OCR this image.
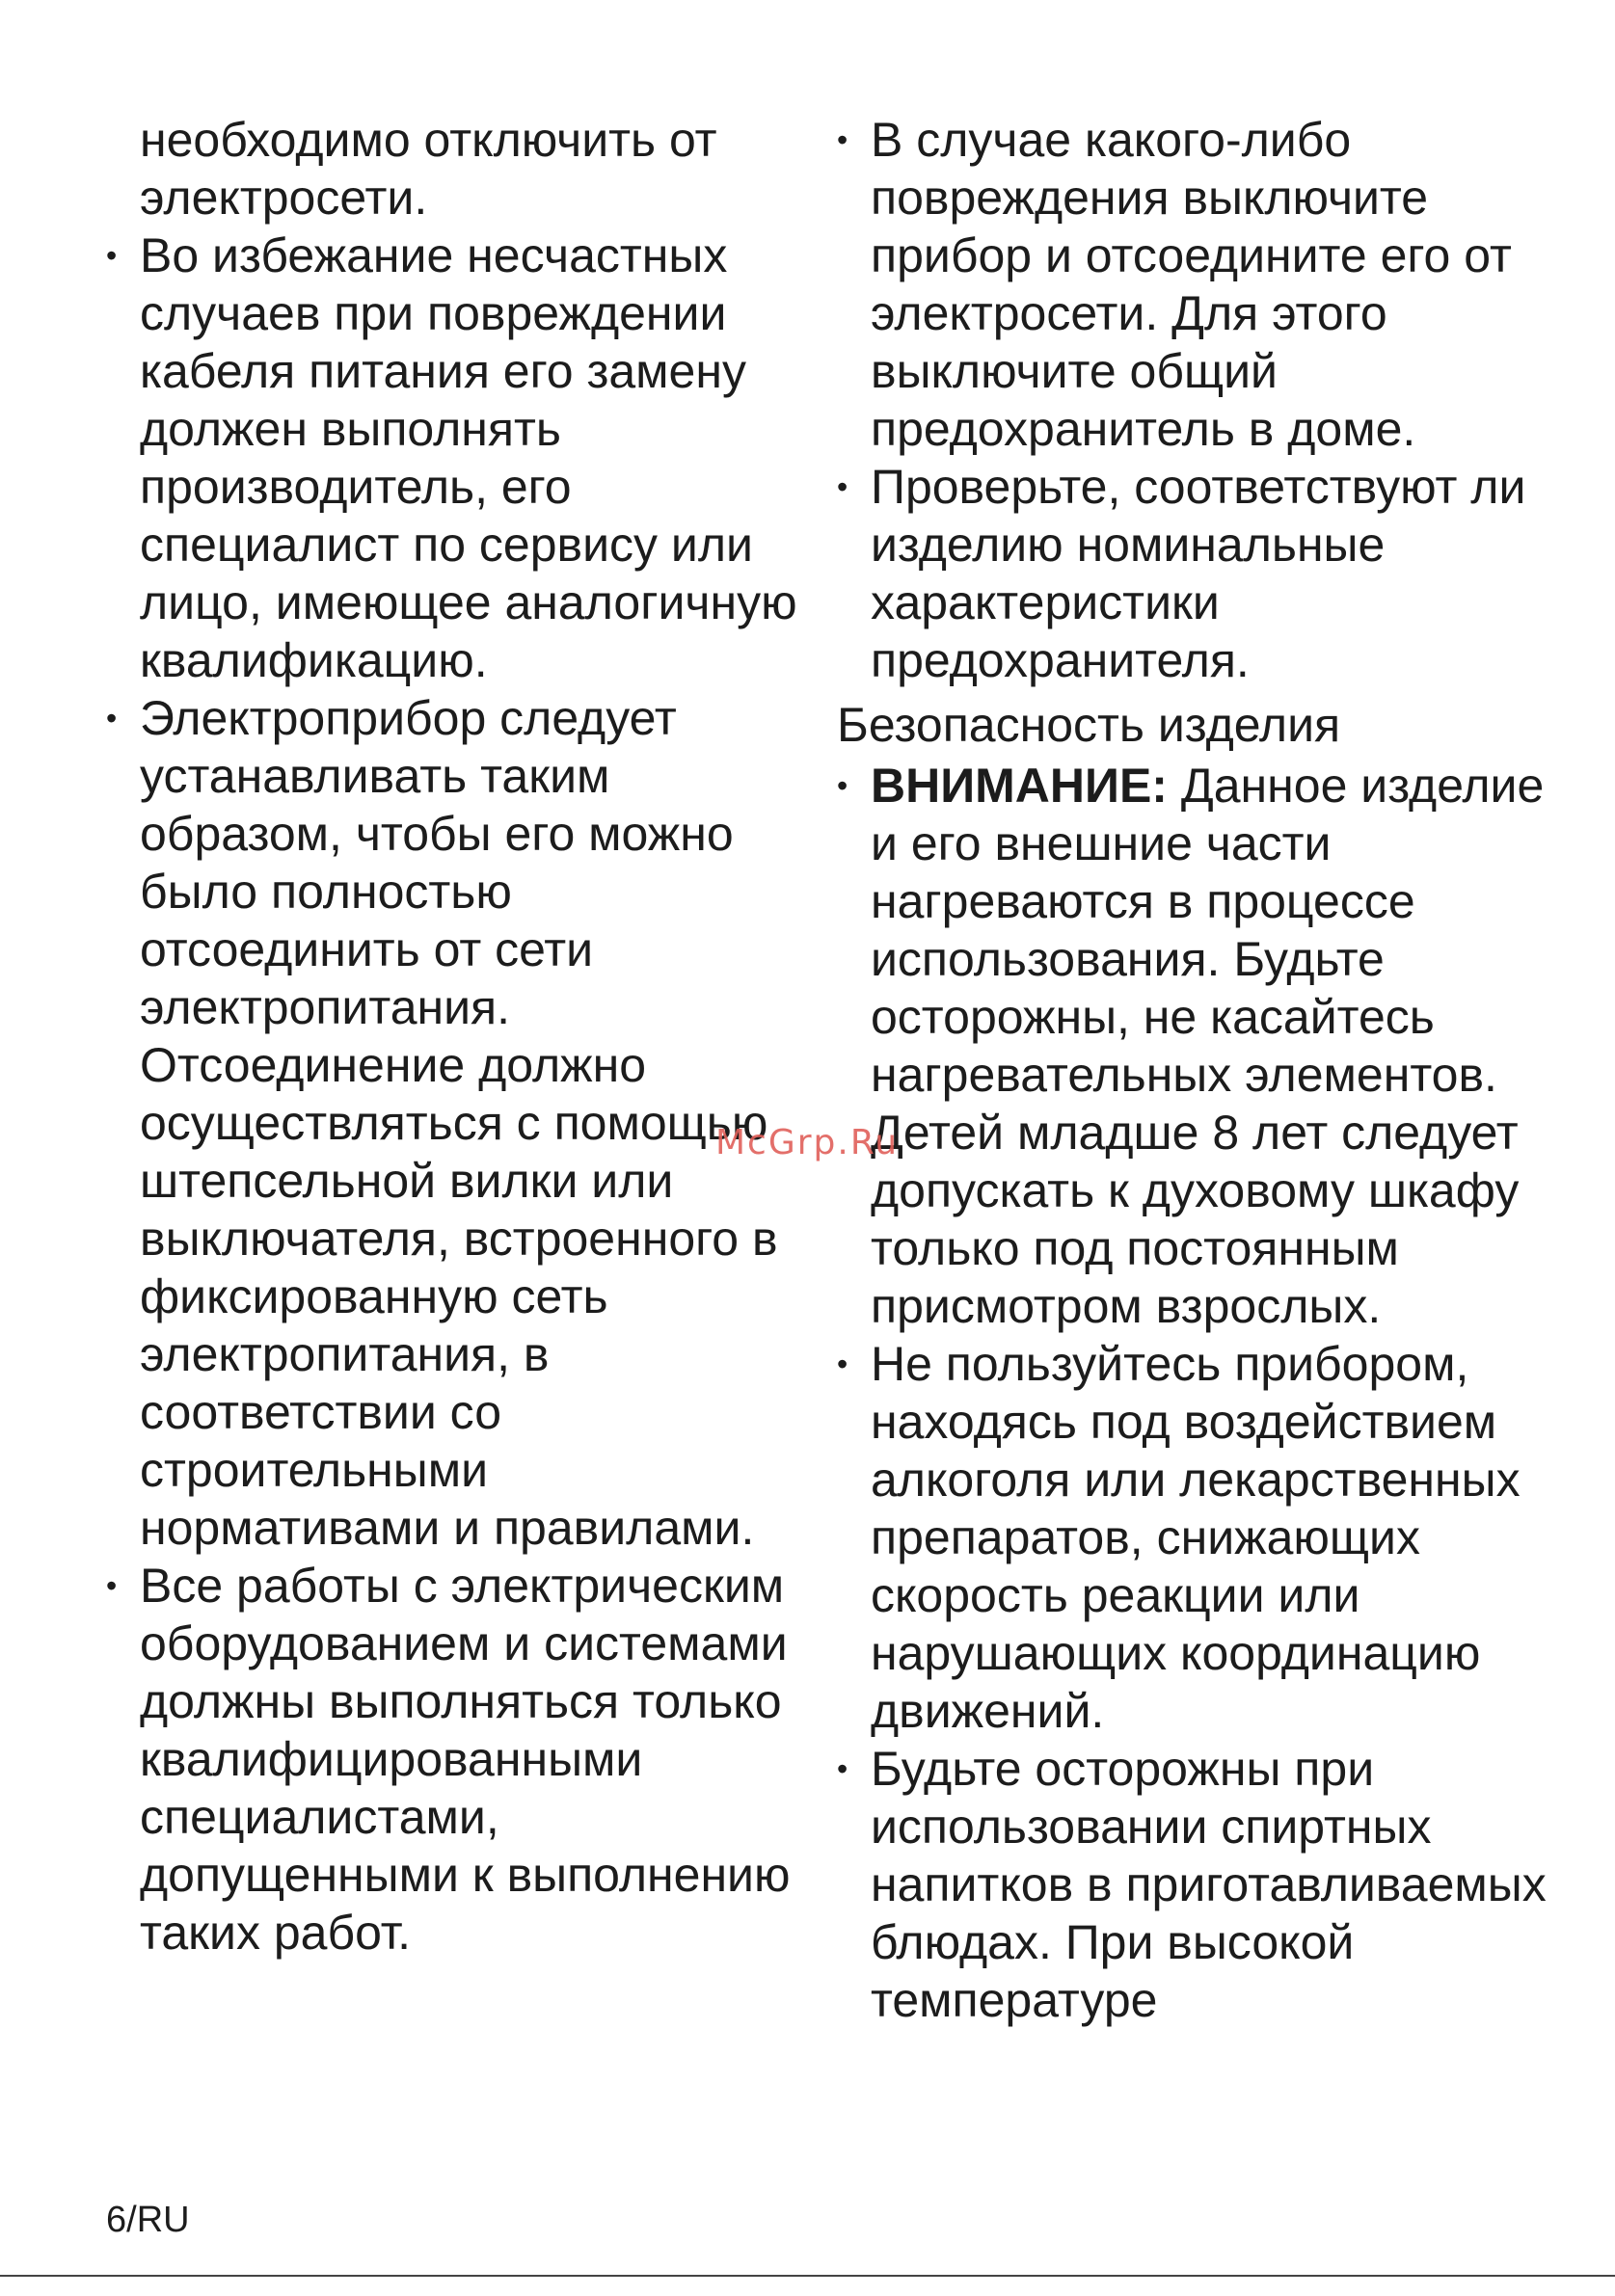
необходимо отключить от электросети.

• Во избежание несчастных случаев при повреждении кабеля питания его замену должен выполнять производитель, его специалист по сервису или лицо, имеющее аналогичную квалификацию.
• Электроприбор следует устанавливать таким образом, чтобы его можно было полностью отсоединить от сети электропитания. Отсоединение должно осуществляться с помощью штепсельной вилки или выключателя, встроенного в фиксированную сеть электропитания, в соответствии со строительными нормативами и правилами.
• Все работы с электрическим оборудованием и системами должны выполняться только квалифицированными специалистами, допущенными к выполнению таких работ.
• В случае какого-либо повреждения выключите прибор и отсоедините его от электросети. Для этого выключите общий предохранитель в доме.
• Проверьте, соответствуют ли изделию номинальные характеристики предохранителя.
Безопасность изделия
• ВНИМАНИЕ: Данное изделие и его внешние части нагреваются в процессе использования. Будьте осторожны, не касайтесь нагревательных элементов. Детей младше 8 лет следует допускать к духовому шкафу только под постоянным присмотром взрослых.
• Не пользуйтесь прибором, находясь под воздействием алкоголя или лекарственных препаратов, снижающих скорость реакции или нарушающих координацию движений.
• Будьте осторожны при использовании спиртных напитков в приготавливаемых блюдах. При высокой температуре
McGrp.Ru
6/RU
